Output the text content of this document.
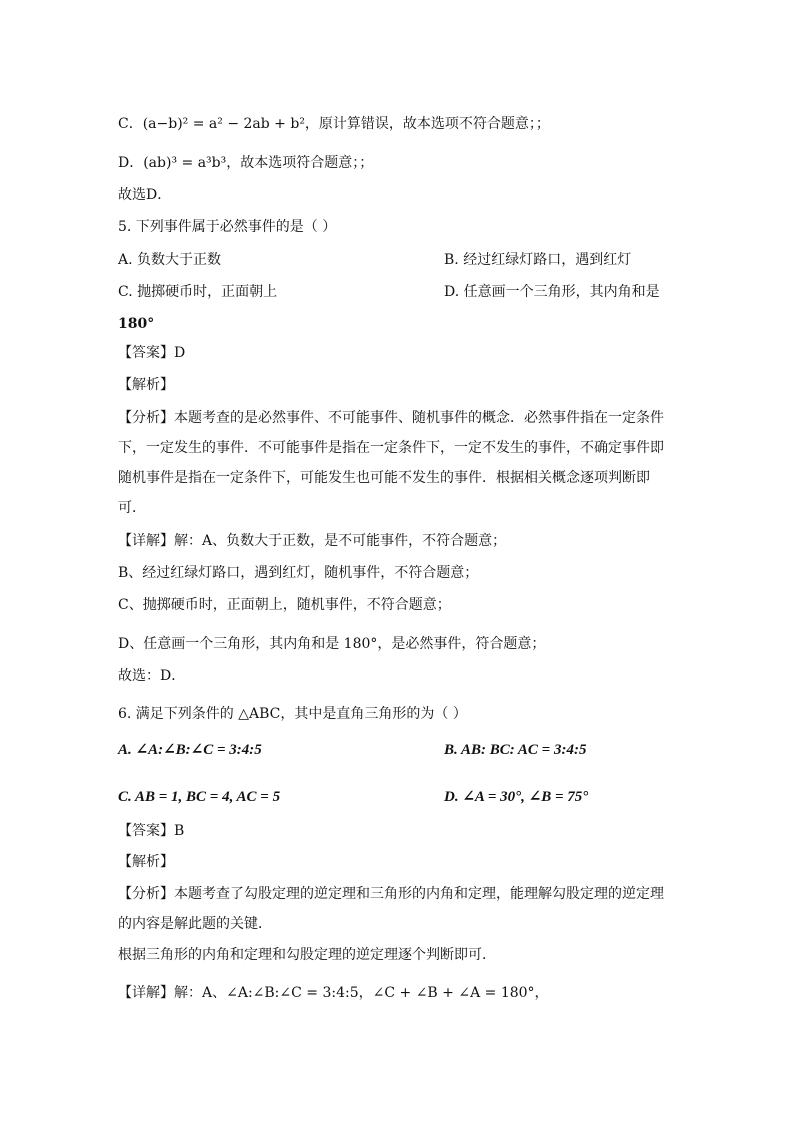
C．(a−b)² = a² − 2ab + b²，原计算错误，故本选项不符合题意；；
D．(ab)³ = a³b³，故本选项符合题意；；
故选D．
5. 下列事件属于必然事件的是（ ）
A. 负数大于正数	B. 经过红绿灯路口，遇到红灯
C. 抛掷硬币时，正面朝上	D. 任意画一个三角形，其内角和是
180°
【答案】D
【解析】
【分析】本题考查的是必然事件、不可能事件、随机事件的概念．必然事件指在一定条件
下，一定发生的事件．不可能事件是指在一定条件下，一定不发生的事件，不确定事件即
随机事件是指在一定条件下，可能发生也可能不发生的事件．根据相关概念逐项判断即
可．
【详解】解：A、负数大于正数，是不可能事件，不符合题意；
B、经过红绿灯路口，遇到红灯，随机事件，不符合题意；
C、抛掷硬币时，正面朝上，随机事件，不符合题意；
D、任意画一个三角形，其内角和是 180°，是必然事件，符合题意；
故选：D．
6. 满足下列条件的 △ABC，其中是直角三角形的为（ ）
A. ∠A:∠B:∠C = 3:4:5	B. AB: BC: AC = 3:4:5
C. AB = 1, BC = 4, AC = 5	D. ∠A = 30°, ∠B = 75°
【答案】B
【解析】
【分析】本题考查了勾股定理的逆定理和三角形的内角和定理，能理解勾股定理的逆定理
的内容是解此题的关键．
根据三角形的内角和定理和勾股定理的逆定理逐个判断即可．
【详解】解：A、∠A:∠B:∠C = 3:4:5，∠C + ∠B + ∠A = 180°，
